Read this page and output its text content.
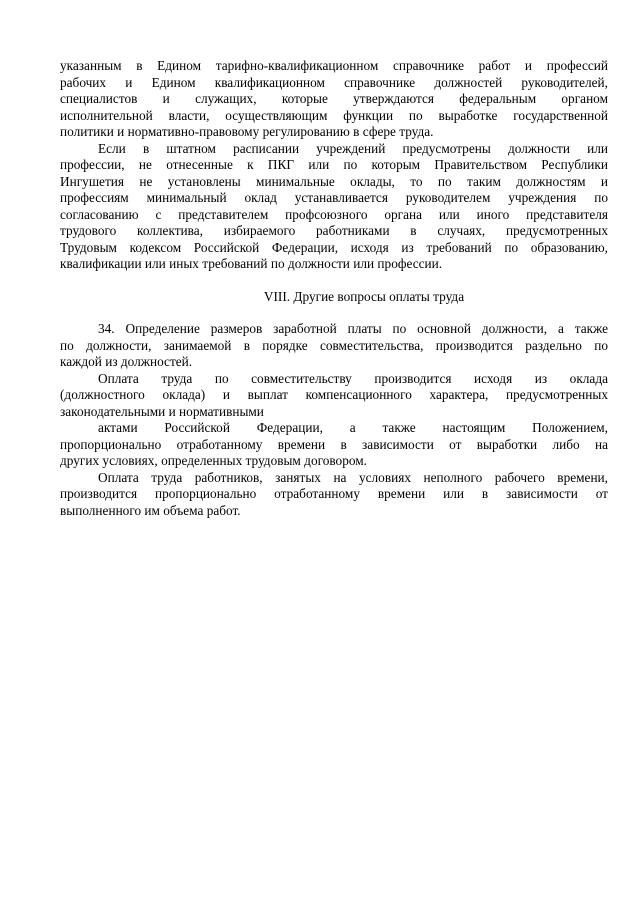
указанным в Едином тарифно-квалификационном справочнике работ и профессий
рабочих и Едином квалификационном справочнике должностей руководителей,
специалистов и служащих, которые утверждаются федеральным органом
исполнительной власти, осуществляющим функции по выработке государственной
политики и нормативно-правовому регулированию в сфере труда.
Если в штатном расписании учреждений предусмотрены должности или
профессии, не отнесенные к ПКГ или по которым Правительством Республики
Ингушетия не установлены минимальные оклады, то по таким должностям и
профессиям минимальный оклад устанавливается руководителем учреждения по
согласованию с представителем профсоюзного органа или иного представителя
трудового коллектива, избираемого работниками в случаях, предусмотренных
Трудовым кодексом Российской Федерации, исходя из требований по образованию,
квалификации или иных требований по должности или профессии.
VIII. Другие вопросы оплаты труда
34. Определение размеров заработной платы по основной должности, а также
по должности, занимаемой в порядке совместительства, производится раздельно по
каждой из должностей.
Оплата труда по совместительству производится исходя из оклада
(должностного оклада) и выплат компенсационного характера, предусмотренных
законодательными и нормативными
актами Российской Федерации, а также настоящим Положением,
пропорционально отработанному времени в зависимости от выработки либо на
других условиях, определенных трудовым договором.
Оплата труда работников, занятых на условиях неполного рабочего времени,
производится пропорционально отработанному времени или в зависимости от
выполненного им объема работ.
